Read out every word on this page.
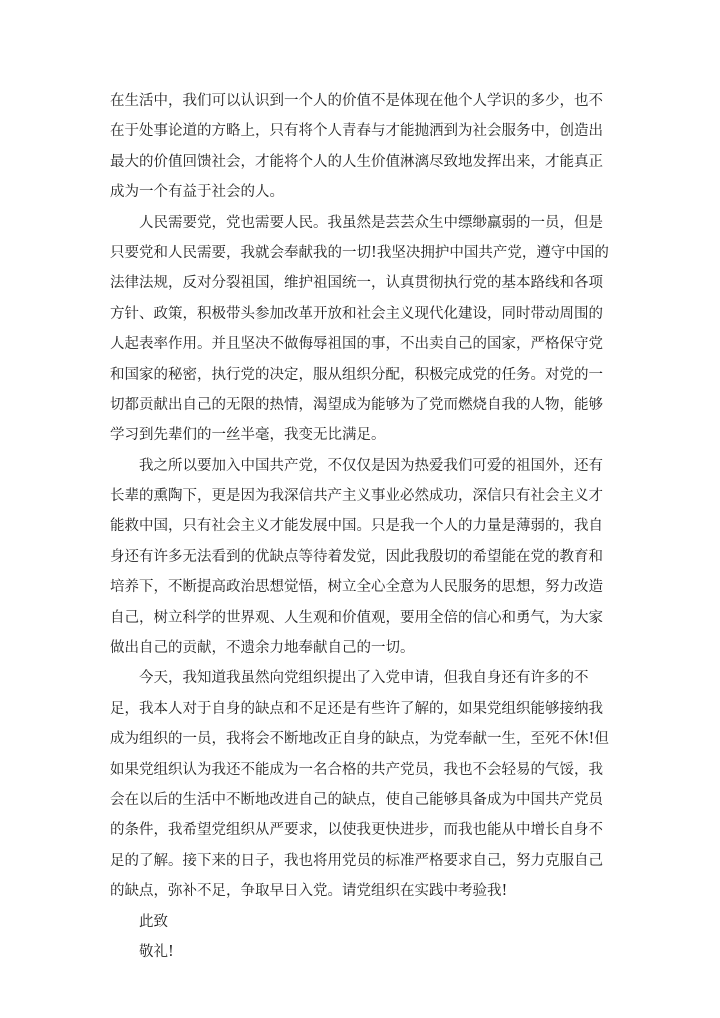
在生活中，我们可以认识到一个人的价值不是体现在他个人学识的多少，也不
在于处事论道的方略上，只有将个人青春与才能抛洒到为社会服务中，创造出
最大的价值回馈社会，才能将个人的人生价值淋漓尽致地发挥出来，才能真正
成为一个有益于社会的人。
人民需要党，党也需要人民。我虽然是芸芸众生中缥缈羸弱的一员，但是
只要党和人民需要，我就会奉献我的一切!我坚决拥护中国共产党，遵守中国的
法律法规，反对分裂祖国，维护祖国统一，认真贯彻执行党的基本路线和各项
方针、政策，积极带头参加改革开放和社会主义现代化建设，同时带动周围的
人起表率作用。并且坚决不做侮辱祖国的事，不出卖自己的国家，严格保守党
和国家的秘密，执行党的决定，服从组织分配，积极完成党的任务。对党的一
切都贡献出自己的无限的热情，渴望成为能够为了党而燃烧自我的人物，能够
学习到先辈们的一丝半毫，我变无比满足。
我之所以要加入中国共产党，不仅仅是因为热爱我们可爱的祖国外，还有
长辈的熏陶下，更是因为我深信共产主义事业必然成功，深信只有社会主义才
能救中国，只有社会主义才能发展中国。只是我一个人的力量是薄弱的，我自
身还有许多无法看到的优缺点等待着发觉，因此我殷切的希望能在党的教育和
培养下，不断提高政治思想觉悟，树立全心全意为人民服务的思想，努力改造
自己，树立科学的世界观、人生观和价值观，要用全倍的信心和勇气，为大家
做出自己的贡献，不遗余力地奉献自己的一切。
今天，我知道我虽然向党组织提出了入党申请，但我自身还有许多的不
足，我本人对于自身的缺点和不足还是有些许了解的，如果党组织能够接纳我
成为组织的一员，我将会不断地改正自身的缺点，为党奉献一生，至死不休!但
如果党组织认为我还不能成为一名合格的共产党员，我也不会轻易的气馁，我
会在以后的生活中不断地改进自己的缺点，使自己能够具备成为中国共产党员
的条件，我希望党组织从严要求，以使我更快进步，而我也能从中增长自身不
足的了解。接下来的日子，我也将用党员的标准严格要求自己，努力克服自己
的缺点，弥补不足，争取早日入党。请党组织在实践中考验我!
此致
敬礼!
